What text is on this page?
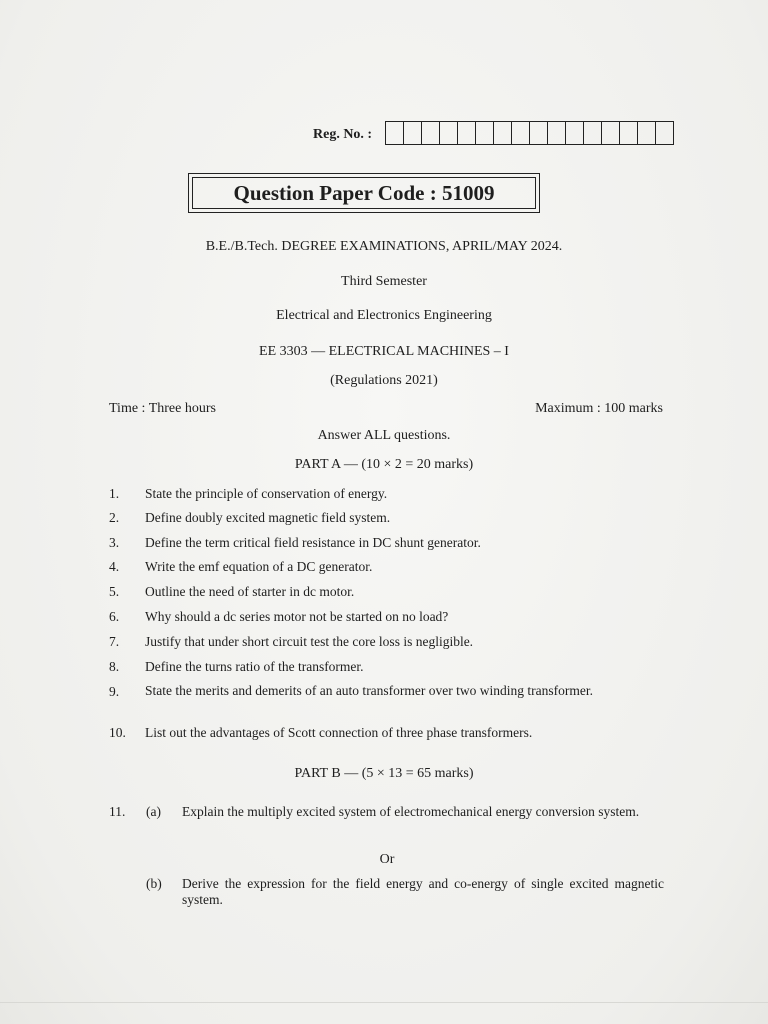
Reg. No. :
Question Paper Code : 51009
B.E./B.Tech. DEGREE EXAMINATIONS, APRIL/MAY 2024.
Third Semester
Electrical and Electronics Engineering
EE 3303 — ELECTRICAL MACHINES – I
(Regulations 2021)
Time : Three hours	Maximum : 100 marks
Answer ALL questions.
PART A — (10 × 2 = 20 marks)
1. State the principle of conservation of energy.
2. Define doubly excited magnetic field system.
3. Define the term critical field resistance in DC shunt generator.
4. Write the emf equation of a DC generator.
5. Outline the need of starter in dc motor.
6. Why should a dc series motor not be started on no load?
7. Justify that under short circuit test the core loss is negligible.
8. Define the turns ratio of the transformer.
9. State the merits and demerits of an auto transformer over two winding transformer.
10. List out the advantages of Scott connection of three phase transformers.
PART B — (5 × 13 = 65 marks)
11. (a) Explain the multiply excited system of electromechanical energy conversion system.
Or
(b) Derive the expression for the field energy and co-energy of single excited magnetic system.
